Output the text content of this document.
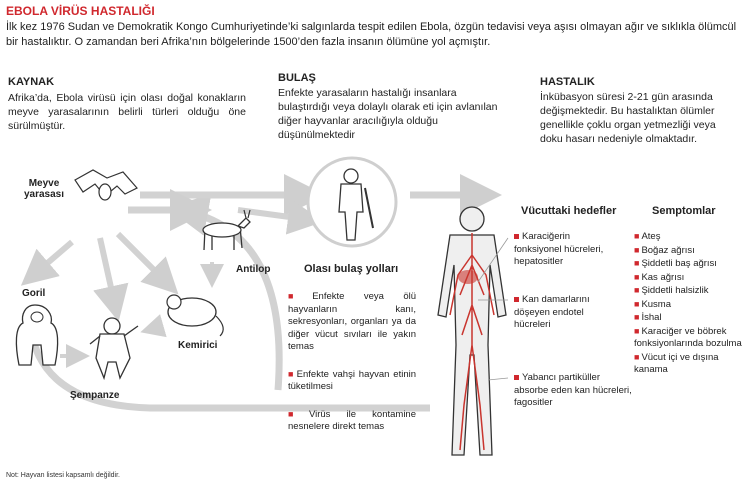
EBOLA VİRÜS HASTALIĞI
İlk kez 1976 Sudan ve Demokratik Kongo Cumhuriyetinde’ki salgınlarda tespit edilen Ebola, özgün tedavisi veya aşısı olmayan ağır ve sıklıkla ölümcül bir hastalıktır. O zamandan beri Afrika’nın bölgelerinde 1500’den fazla insanın ölümüne yol açmıştır.
KAYNAK
Afrika’da, Ebola virüsü için olası doğal konakların meyve yarasalarının belirli türleri olduğu öne sürülmüştür.
BULAŞ
Enfekte yarasaların hastalığı insanlara bulaştırdığı veya dolaylı olarak eti için avlanılan diğer hayvanlar aracılığıyla olduğu düşünülmektedir
HASTALIK
İnkübasyon süresi 2-21 gün arasında değişmektedir. Bu hastalıktan ölümler genellikle çoklu organ yetmezliği veya doku hasarı nedeniyle olmaktadır.
Meyve yarasası
Antilop
Goril
Kemirici
Şempanze
Olası bulaş yolları
■ Enfekte veya ölü hayvanların kanı, sekresyonları, organları ya da diğer vücut sıvıları ile yakın temas
■ Enfekte vahşi hayvan etinin tüketilmesi
■ Virüs ile kontamine nesnelere direkt temas
Vücuttaki hedefler
Karaciğerin fonksiyonel hücreleri, hepatositler
Kan damarlarını döşeyen endotel hücreleri
Yabancı partiküller absorbe eden kan hücreleri, fagositler
Semptomlar
■ Ateş
■ Boğaz ağrısı
■ Şiddetli baş ağrısı
■ Kas ağrısı
■ Şiddetli halsizlik
■ Kusma
■ İshal
■ Karaciğer ve böbrek fonksiyonlarında bozulma
■ Vücut içi ve dışına kanama
Not: Hayvan listesi kapsamlı değildir.
